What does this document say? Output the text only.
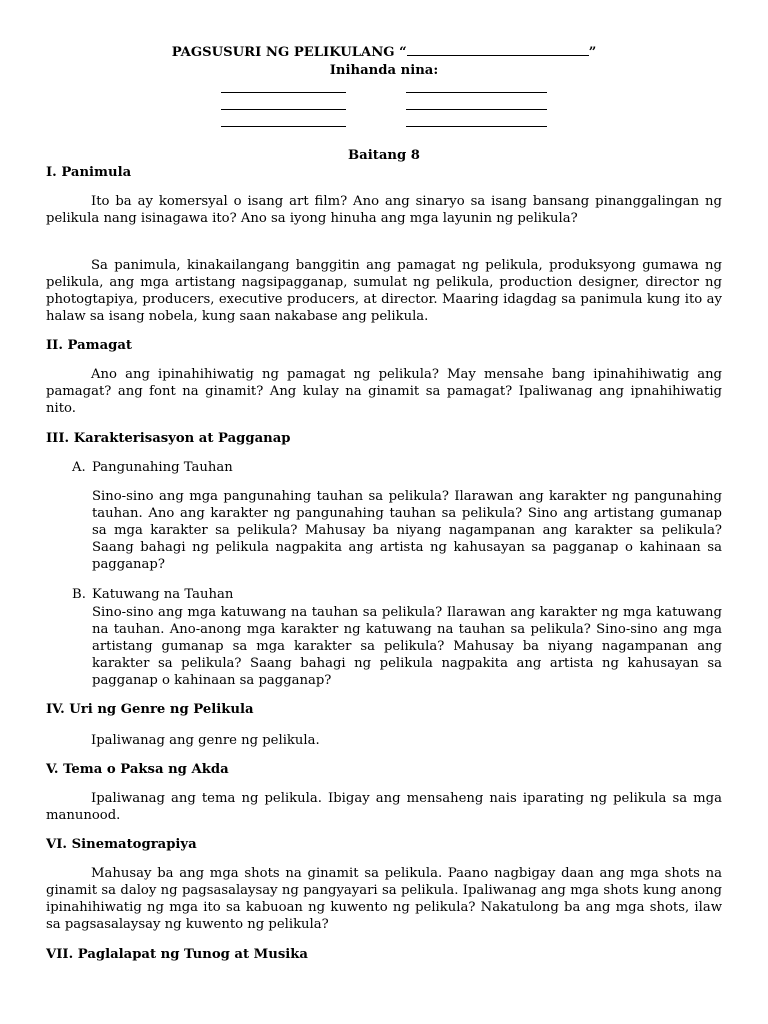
PAGSUSURI NG PELIKULANG “	”
Inihanda nina:
Baitang 8
I. Panimula

Ito ba ay komersyal o isang art film? Ano ang sinaryo sa isang bansang pinanggalingan ng pelikula nang isinagawa ito? Ano sa iyong hinuha ang mga layunin ng pelikula?

Sa panimula, kinakailangang banggitin ang pamagat ng pelikula, produksyong gumawa ng pelikula, ang mga artistang nagsipagganap, sumulat ng pelikula, production designer, director ng photogtapiya, producers, executive producers, at director. Maaring idagdag sa panimula kung ito ay halaw sa isang nobela, kung saan nakabase ang pelikula.

II. Pamagat

Ano ang ipinahihiwatig ng pamagat ng pelikula? May mensahe bang ipinahihiwatig ang pamagat? ang font na ginamit? Ang kulay na ginamit sa pamagat? Ipaliwanag ang ipnahihiwatig nito.

III. Karakterisasyon at Pagganap
A. Pangunahing Tauhan

Sino-sino ang mga pangunahing tauhan sa pelikula? Ilarawan ang karakter ng pangunahing tauhan. Ano ang karakter ng pangunahing tauhan sa pelikula? Sino ang artistang gumanap sa mga karakter sa pelikula? Mahusay ba niyang nagampanan ang karakter sa pelikula? Saang bahagi ng pelikula nagpakita ang artista ng kahusayan sa pagganap o kahinaan sa pagganap?

B. Katuwang na Tauhan

Sino-sino ang mga katuwang na tauhan sa pelikula? Ilarawan ang karakter ng mga katuwang na tauhan. Ano-anong mga karakter ng katuwang na tauhan sa pelikula? Sino-sino ang mga artistang gumanap sa mga karakter sa pelikula? Mahusay ba niyang nagampanan ang karakter sa pelikula? Saang bahagi ng pelikula nagpakita ang artista ng kahusayan sa pagganap o kahinaan sa pagganap?

IV. Uri ng Genre ng Pelikula

Ipaliwanag ang genre ng pelikula.

V. Tema o Paksa ng Akda

Ipaliwanag ang tema ng pelikula. Ibigay ang mensaheng nais iparating ng pelikula sa mga manunood.

VI. Sinematograpiya

Mahusay ba ang mga shots na ginamit sa pelikula. Paano nagbigay daan ang mga shots na ginamit sa daloy ng pagsasalaysay ng pangyayari sa pelikula. Ipaliwanag ang mga shots kung anong ipinahihiwatig ng mga ito sa kabuoan ng kuwento ng pelikula? Nakatulong ba ang mga shots, ilaw sa pagsasalaysay ng kuwento ng pelikula?

VII. Paglalapat ng Tunog at Musika
